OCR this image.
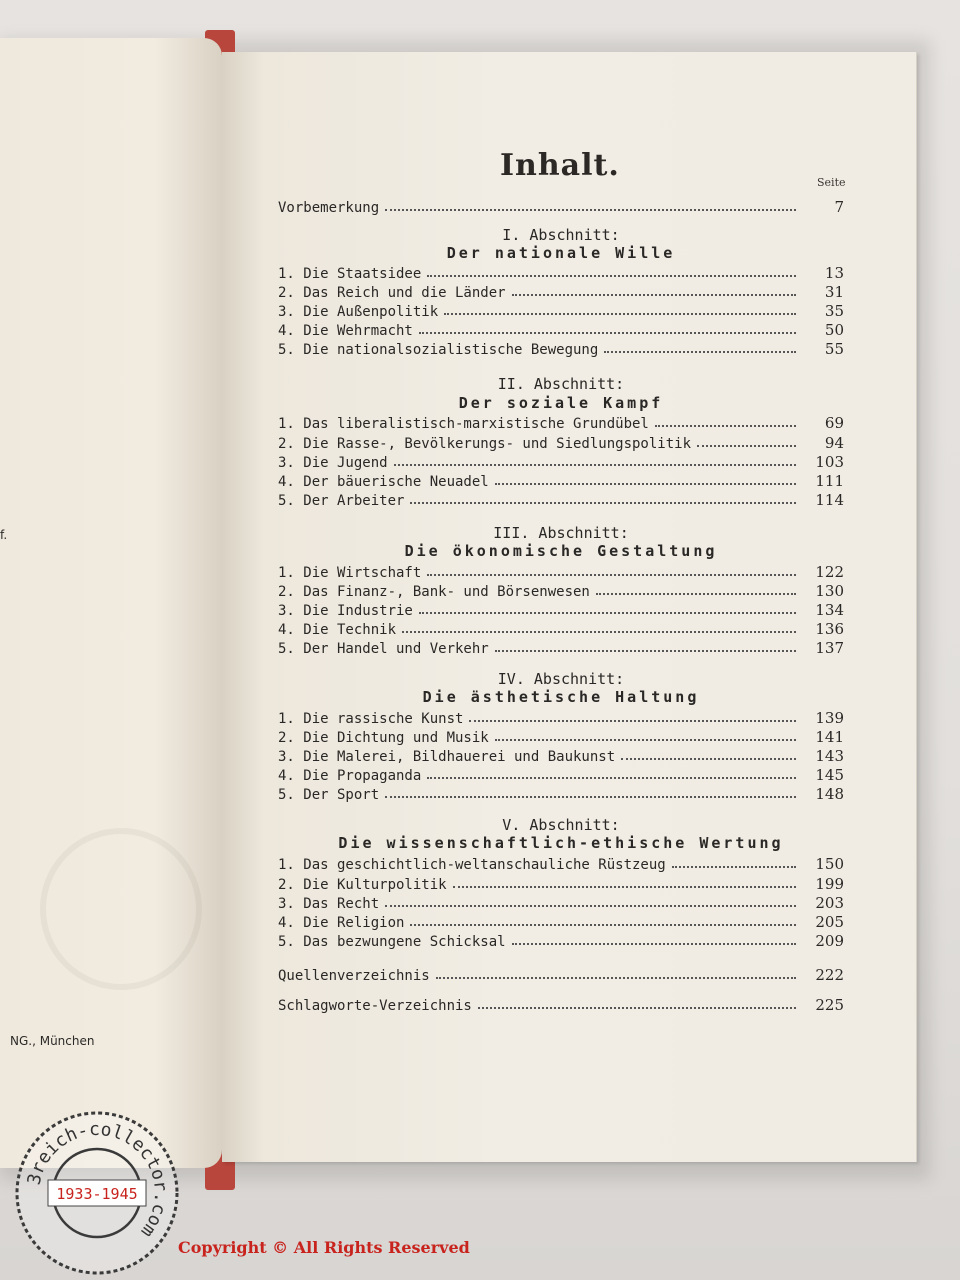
f.
NG., München
Inhalt.	Seite
Vorbemerkung	7
I. Abschnitt:
Der nationale Wille
1. Die Staatsidee	13
2. Das Reich und die Länder	31
3. Die Außenpolitik	35
4. Die Wehrmacht	50
5. Die nationalsozialistische Bewegung	55
II. Abschnitt:
Der soziale Kampf
1. Das liberalistisch-marxistische Grundübel	69
2. Die Rasse-, Bevölkerungs- und Siedlungspolitik	94
3. Die Jugend	103
4. Der bäuerische Neuadel	111
5. Der Arbeiter	114
III. Abschnitt:
Die ökonomische Gestaltung
1. Die Wirtschaft	122
2. Das Finanz-, Bank- und Börsenwesen	130
3. Die Industrie	134
4. Die Technik	136
5. Der Handel und Verkehr	137
IV. Abschnitt:
Die ästhetische Haltung
1. Die rassische Kunst	139
2. Die Dichtung und Musik	141
3. Die Malerei, Bildhauerei und Baukunst	143
4. Die Propaganda	145
5. Der Sport	148
V. Abschnitt:
Die wissenschaftlich-ethische Wertung
1. Das geschichtlich-weltanschauliche Rüstzeug	150
2. Die Kulturpolitik	199
3. Das Recht	203
4. Die Religion	205
5. Das bezwungene Schicksal	209
Quellenverzeichnis	222
Schlagworte-Verzeichnis	225
3reich-collector.com
1933-1945
Copyright © All Rights Reserved
